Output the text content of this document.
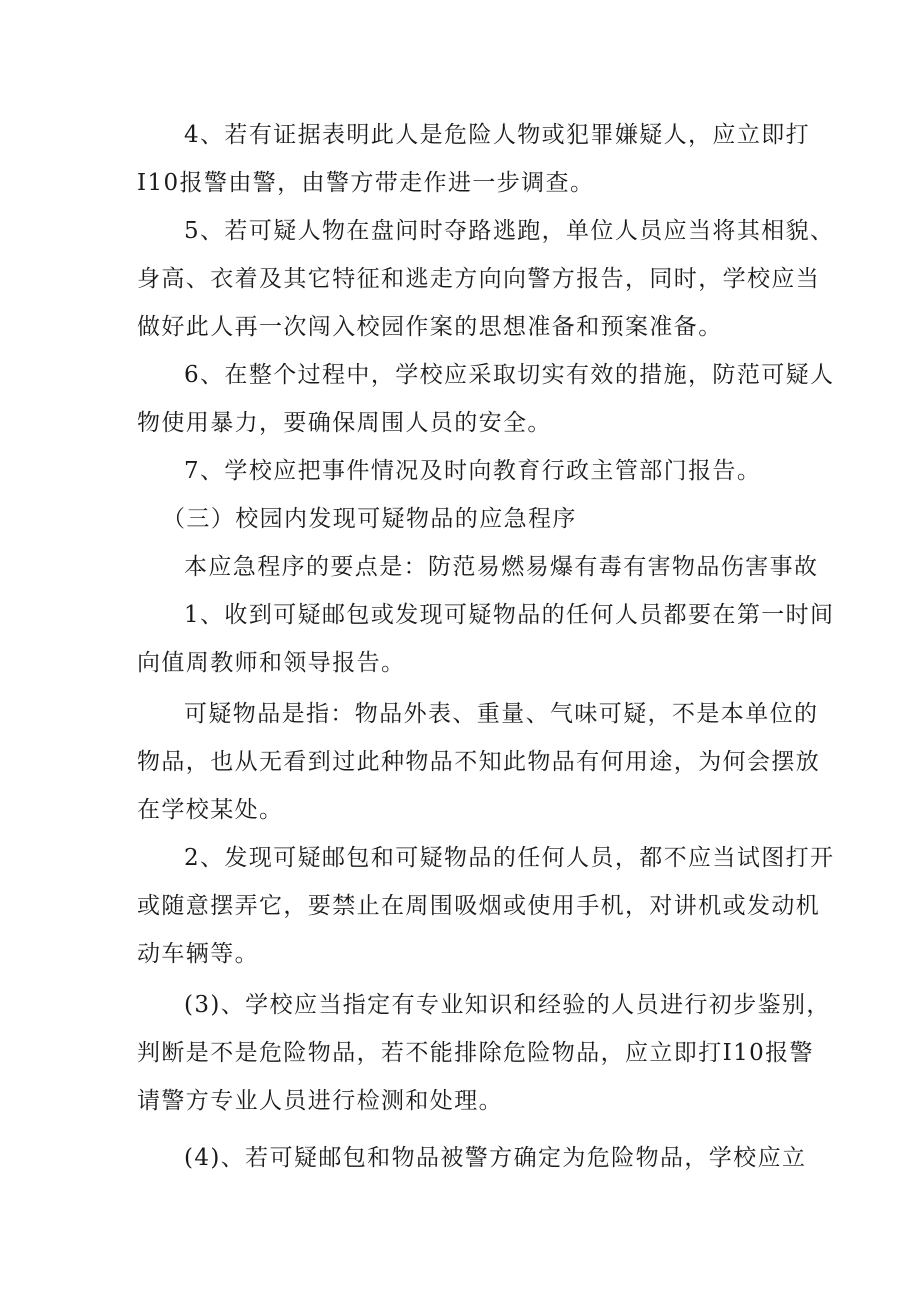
4、若有证据表明此人是危险人物或犯罪嫌疑人，应立即打
I10报警由警，由警方带走作进一步调查。
5、若可疑人物在盘问时夺路逃跑，单位人员应当将其相貌、
身高、衣着及其它特征和逃走方向向警方报告，同时，学校应当
做好此人再一次闯入校园作案的思想准备和预案准备。
6、在整个过程中，学校应采取切实有效的措施，防范可疑人
物使用暴力，要确保周围人员的安全。
7、学校应把事件情况及时向教育行政主管部门报告。
（三）校园内发现可疑物品的应急程序
本应急程序的要点是：防范易燃易爆有毒有害物品伤害事故
1、收到可疑邮包或发现可疑物品的任何人员都要在第一时间
向值周教师和领导报告。
可疑物品是指：物品外表、重量、气味可疑，不是本单位的
物品，也从无看到过此种物品不知此物品有何用途，为何会摆放
在学校某处。
2、发现可疑邮包和可疑物品的任何人员，都不应当试图打开
或随意摆弄它，要禁止在周围吸烟或使用手机，对讲机或发动机
动车辆等。
(3)、学校应当指定有专业知识和经验的人员进行初步鉴别，
判断是不是危险物品，若不能排除危险物品，应立即打I10报警
请警方专业人员进行检测和处理。
(4)、若可疑邮包和物品被警方确定为危险物品，学校应立
